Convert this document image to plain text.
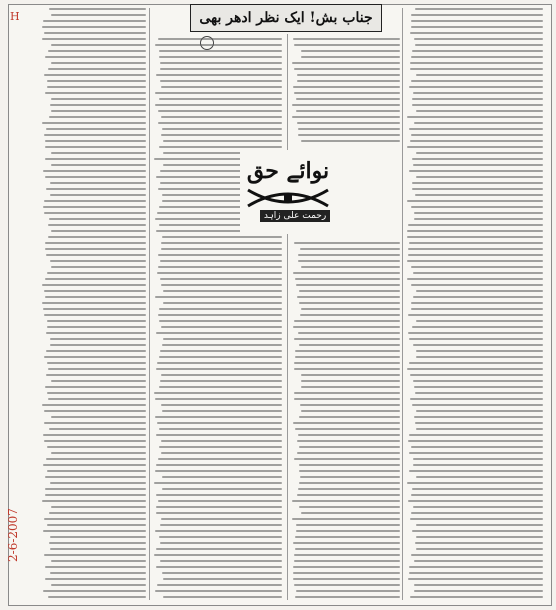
جناب بش! ایک نظر ادھر بھی
نوائے حق
رحمت علی زاہد
2-6-2007
H
